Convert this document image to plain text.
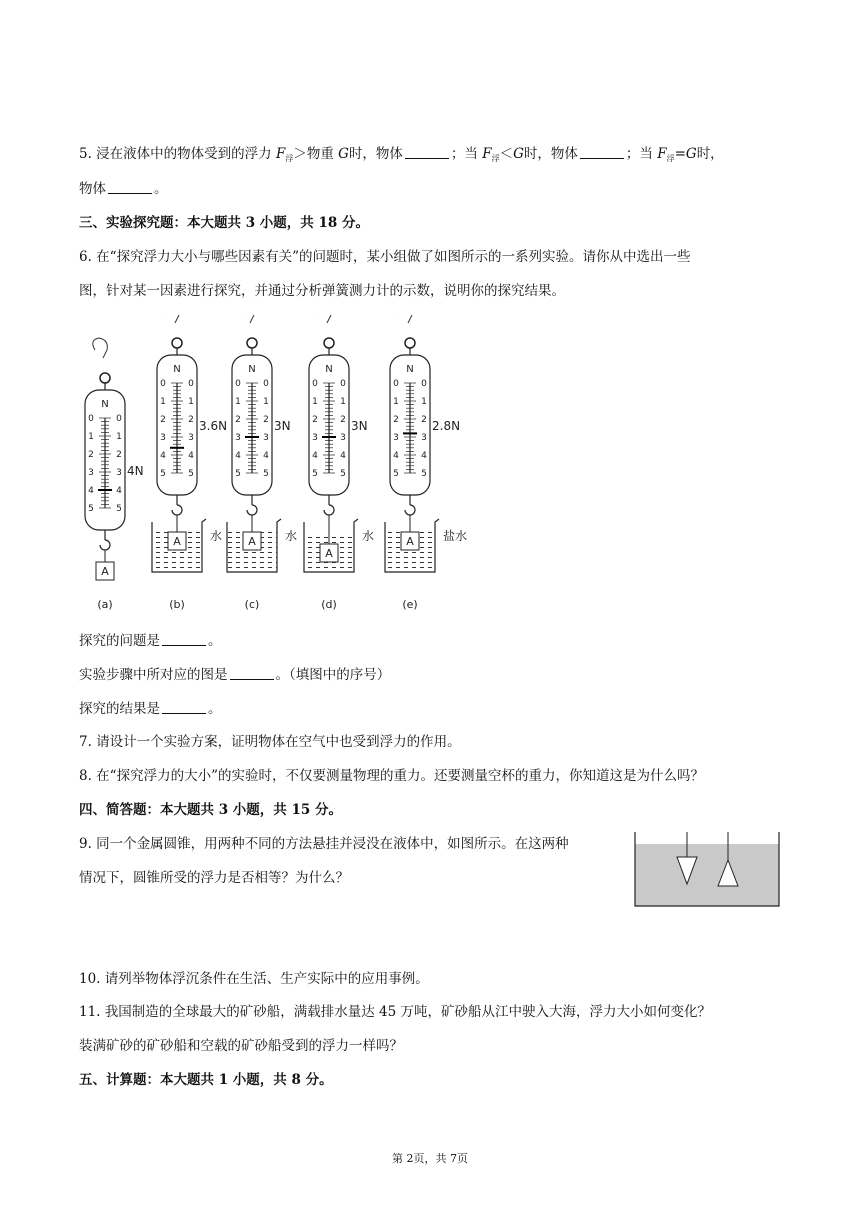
5. 浸在液体中的物体受到的浮力 $F_浮>$物重 G时，物体	；当 $F_浮<G$时，物体	；当 $F_浮=G$时，
物体	。
三、实验探究题：本大题共 3 小题，共 18 分。
6. 在“探究浮力大小与哪些因素有关”的问题时，某小组做了如图所示的一系列实验。请你从中选出一些
图，针对某一因素进行探究，并通过分析弹簧测力计的示数，说明你的探究结果。
N
0 0
1 1
2 2
3 3
4 4
5 5
4N
A
(a)
N
0 0
1 1
2 2
3 3
4 4
5 5
3.6N
A 水
(b)
N
0 0
1 1
2 2
3 3
4 4
5 5
3N
A 水
(c)
N
0 0
1 1
2 2
3 3
4 4
5 5
3N
A
水
(d)
N
0 0
1 1
2 2
3 3
4 4
5 5
2.8N
A 盐水
(e)
探究的问题是	。
实验步骤中所对应的图是	。（填图中的序号）
探究的结果是	。
7. 请设计一个实验方案，证明物体在空气中也受到浮力的作用。
8. 在“探究浮力的大小”的实验时，不仅要测量物理的重力。还要测量空杯的重力，你知道这是为什么吗？
四、简答题：本大题共 3 小题，共 15 分。
9. 同一个金属圆锥，用两种不同的方法悬挂并浸没在液体中，如图所示。在这两种
情况下，圆锥所受的浮力是否相等？为什么？
10. 请列举物体浮沉条件在生活、生产实际中的应用事例。
11. 我国制造的全球最大的矿砂船，满载排水量达 45 万吨，矿砂船从江中驶入大海，浮力大小如何变化？
装满矿砂的矿砂船和空载的矿砂船受到的浮力一样吗？
五、计算题：本大题共 1 小题，共 8 分。
第 2页，共 7页
